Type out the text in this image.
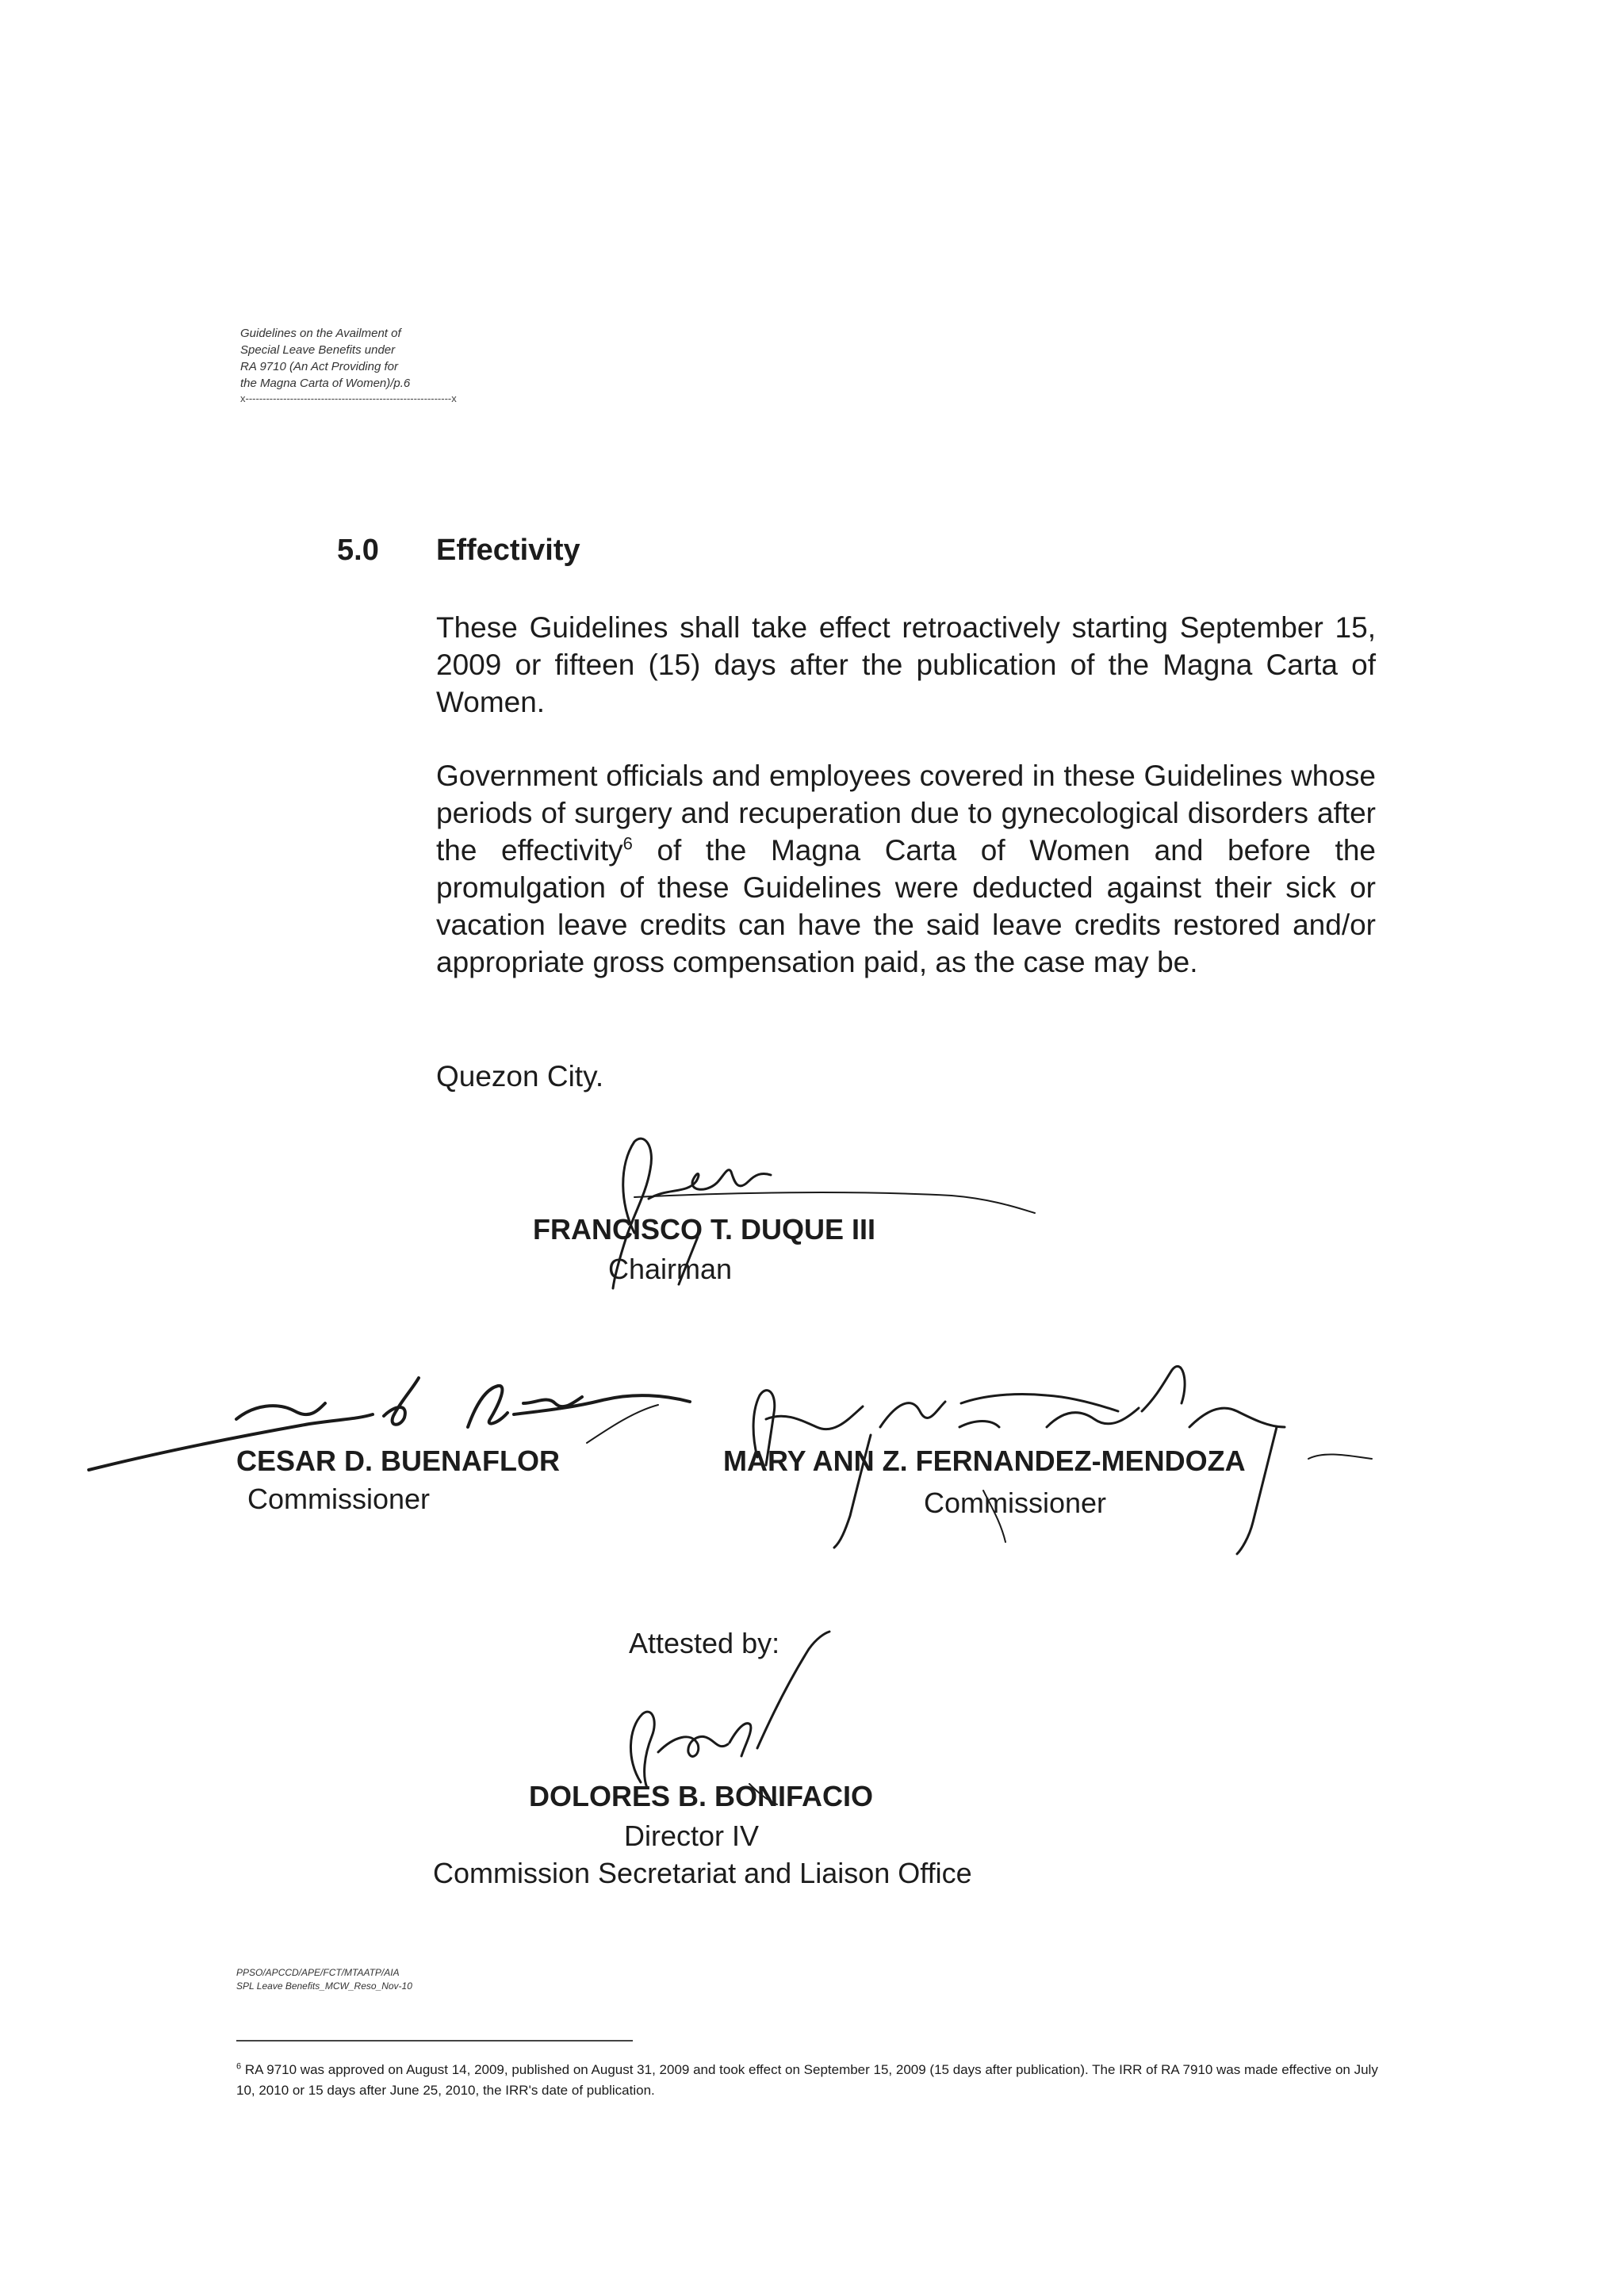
Guidelines on the Availment of
Special Leave Benefits under
RA 9710 (An Act Providing for
the Magna Carta of Women)/p.6
x------------------------------------------------------------x
5.0 Effectivity
These Guidelines shall take effect retroactively starting September 15, 2009 or fifteen (15) days after the publication of the Magna Carta of Women.
Government officials and employees covered in these Guidelines whose periods of surgery and recuperation due to gynecological disorders after the effectivity$^6$ of the Magna Carta of Women and before the promulgation of these Guidelines were deducted against their sick or vacation leave credits can have the said leave credits restored and/or appropriate gross compensation paid, as the case may be.
Quezon City.
FRANCISCO T. DUQUE III
Chairman
CESAR D. BUENAFLOR
Commissioner
MARY ANN Z. FERNANDEZ-MENDOZA
Commissioner
Attested by:
DOLORES B. BONIFACIO
Director IV
Commission Secretariat and Liaison Office
PPSO/APCCD/APE/FCT/MTAATP/AIA
SPL Leave Benefits_MCW_Reso_Nov-10
$^6$ RA 9710 was approved on August 14, 2009, published on August 31, 2009 and took effect on September 15, 2009 (15 days after publication). The IRR of RA 7910 was made effective on July 10, 2010 or 15 days after June 25, 2010, the IRR's date of publication.
